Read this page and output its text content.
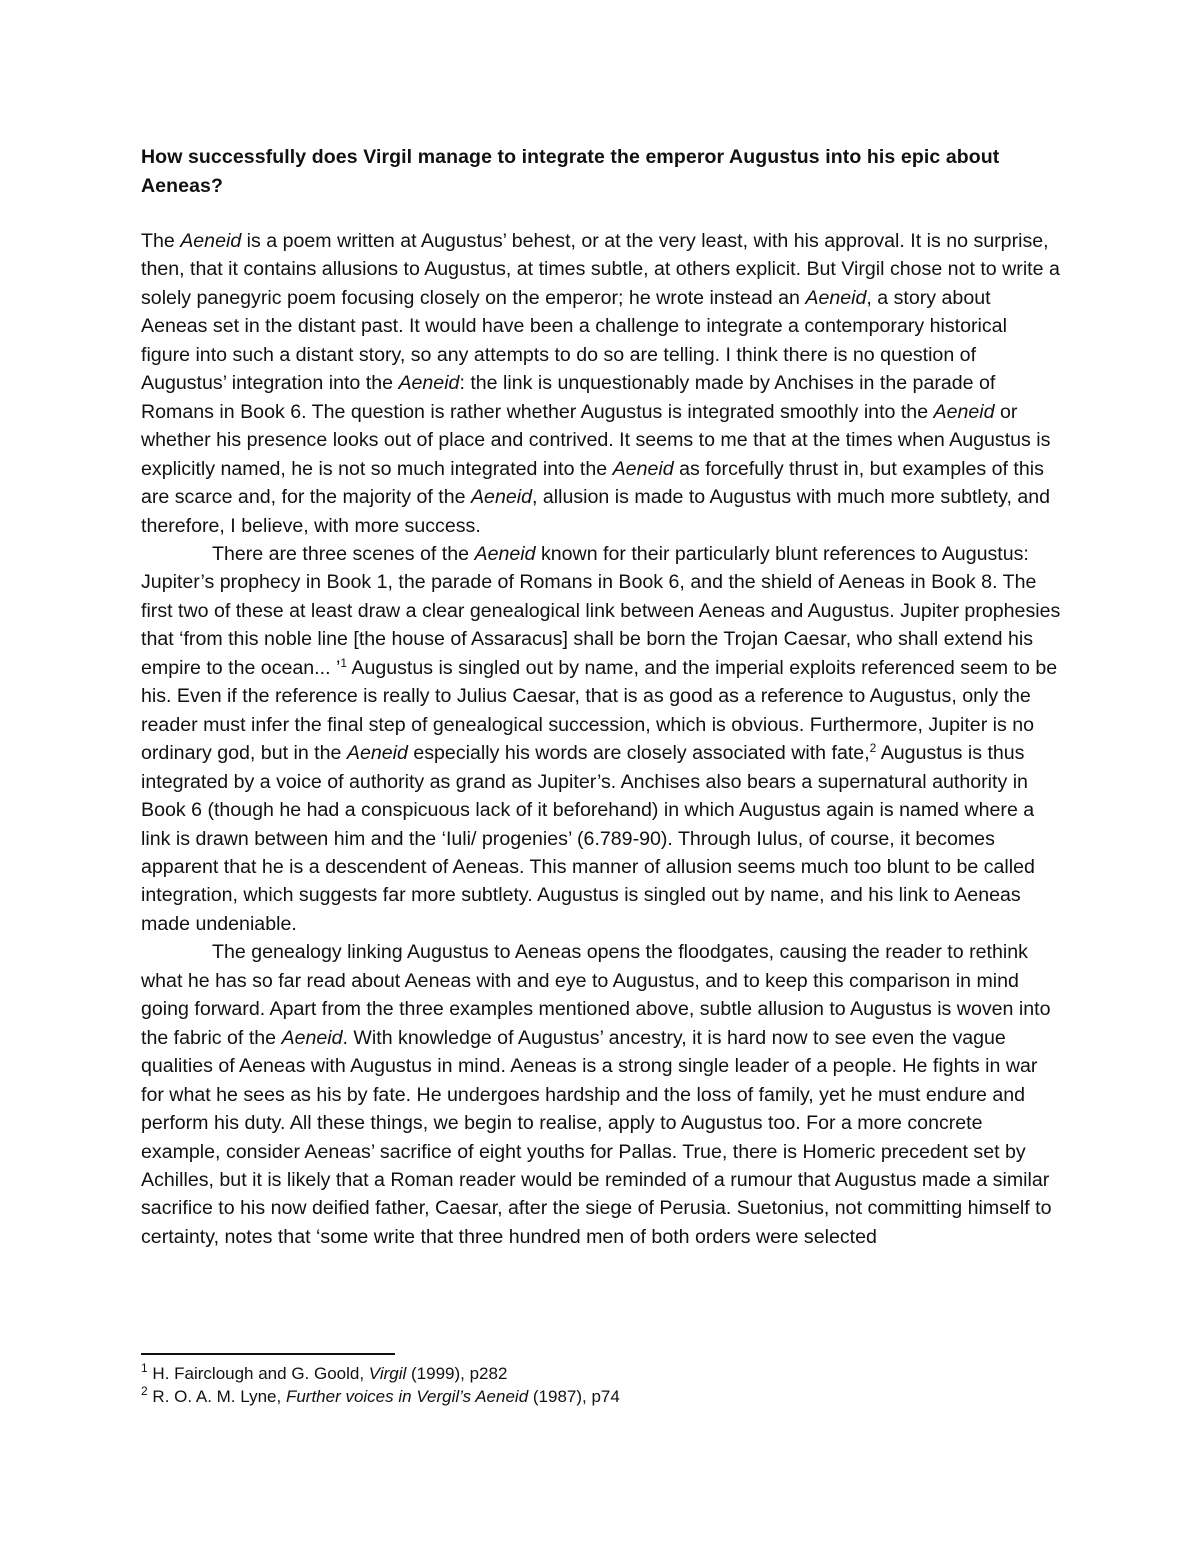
How successfully does Virgil manage to integrate the emperor Augustus into his epic about Aeneas?

The Aeneid is a poem written at Augustus’ behest, or at the very least, with his approval. It is no surprise, then, that it contains allusions to Augustus, at times subtle, at others explicit. But Virgil chose not to write a solely panegyric poem focusing closely on the emperor; he wrote instead an Aeneid, a story about Aeneas set in the distant past. It would have been a challenge to integrate a contemporary historical figure into such a distant story, so any attempts to do so are telling. I think there is no question of Augustus’ integration into the Aeneid: the link is unquestionably made by Anchises in the parade of Romans in Book 6. The question is rather whether Augustus is integrated smoothly into the Aeneid or whether his presence looks out of place and contrived. It seems to me that at the times when Augustus is explicitly named, he is not so much integrated into the Aeneid as forcefully thrust in, but examples of this are scarce and, for the majority of the Aeneid, allusion is made to Augustus with much more subtlety, and therefore, I believe, with more success.

There are three scenes of the Aeneid known for their particularly blunt references to Augustus: Jupiter’s prophecy in Book 1, the parade of Romans in Book 6, and the shield of Aeneas in Book 8. The first two of these at least draw a clear genealogical link between Aeneas and Augustus. Jupiter prophesies that ‘from this noble line [the house of Assaracus] shall be born the Trojan Caesar, who shall extend his empire to the ocean... ’$^1$ Augustus is singled out by name, and the imperial exploits referenced seem to be his. Even if the reference is really to Julius Caesar, that is as good as a reference to Augustus, only the reader must infer the final step of genealogical succession, which is obvious. Furthermore, Jupiter is no ordinary god, but in the Aeneid especially his words are closely associated with fate,$^2$ Augustus is thus integrated by a voice of authority as grand as Jupiter’s. Anchises also bears a supernatural authority in Book 6 (though he had a conspicuous lack of it beforehand) in which Augustus again is named where a link is drawn between him and the ‘Iuli/ progenies’ (6.789-90). Through Iulus, of course, it becomes apparent that he is a descendent of Aeneas. This manner of allusion seems much too blunt to be called integration, which suggests far more subtlety. Augustus is singled out by name, and his link to Aeneas made undeniable.

The genealogy linking Augustus to Aeneas opens the floodgates, causing the reader to rethink what he has so far read about Aeneas with and eye to Augustus, and to keep this comparison in mind going forward. Apart from the three examples mentioned above, subtle allusion to Augustus is woven into the fabric of the Aeneid. With knowledge of Augustus’ ancestry, it is hard now to see even the vague qualities of Aeneas with Augustus in mind. Aeneas is a strong single leader of a people. He fights in war for what he sees as his by fate. He undergoes hardship and the loss of family, yet he must endure and perform his duty. All these things, we begin to realise, apply to Augustus too. For a more concrete example, consider Aeneas’ sacrifice of eight youths for Pallas. True, there is Homeric precedent set by Achilles, but it is likely that a Roman reader would be reminded of a rumour that Augustus made a similar sacrifice to his now deified father, Caesar, after the siege of Perusia. Suetonius, not committing himself to certainty, notes that ‘some write that three hundred men of both orders were selected

$^1$ H. Fairclough and G. Goold, Virgil (1999), p282

$^2$ R. O. A. M. Lyne, Further voices in Vergil’s Aeneid (1987), p74
